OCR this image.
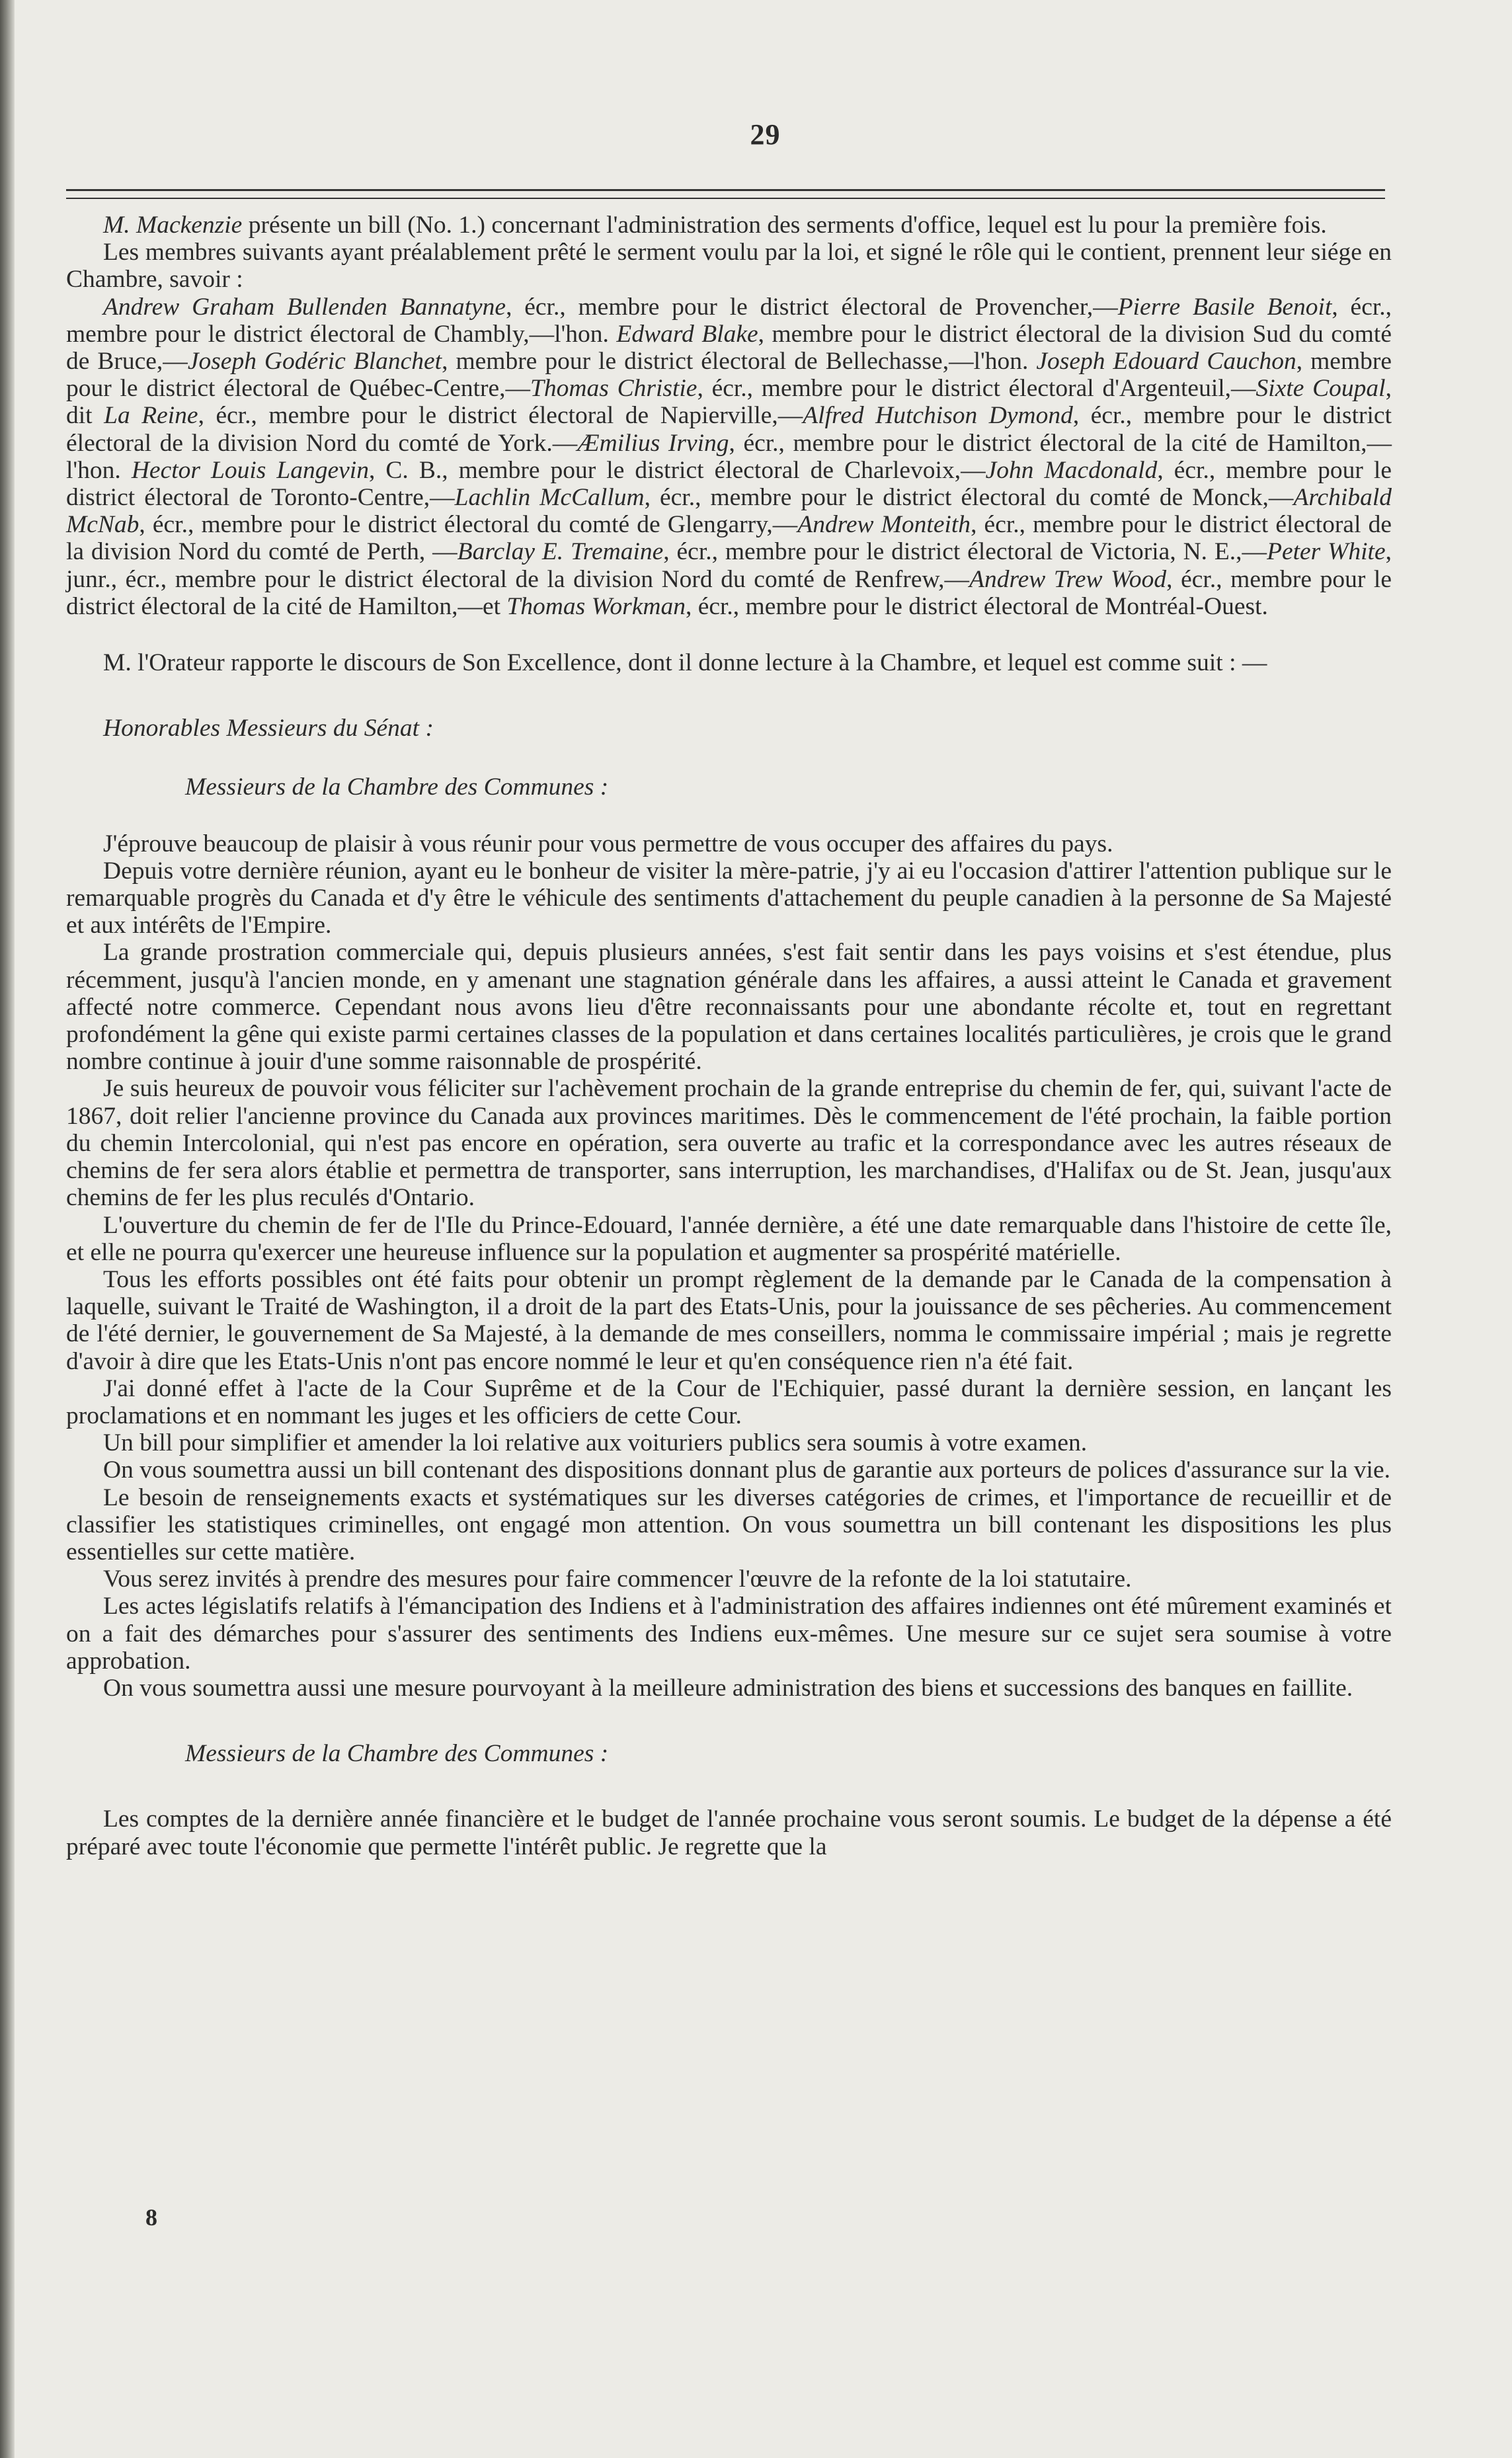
29

M. Mackenzie présente un bill (No. 1.) concernant l'administration des serments d'office, lequel est lu pour la première fois.

Les membres suivants ayant préalablement prêté le serment voulu par la loi, et signé le rôle qui le contient, prennent leur siége en Chambre, savoir :

Andrew Graham Bullenden Bannatyne, écr., membre pour le district électoral de Provencher,—Pierre Basile Benoit, écr., membre pour le district électoral de Chambly,—l'hon. Edward Blake, membre pour le district électoral de la division Sud du comté de Bruce,—Joseph Godéric Blanchet, membre pour le district électoral de Bellechasse,—l'hon. Joseph Edouard Cauchon, membre pour le district électoral de Québec-Centre,—Thomas Christie, écr., membre pour le district électoral d'Argenteuil,—Sixte Coupal, dit La Reine, écr., membre pour le district électoral de Napierville,—Alfred Hutchison Dymond, écr., membre pour le district électoral de la division Nord du comté de York.—Æmilius Irving, écr., membre pour le district électoral de la cité de Hamilton,—l'hon. Hector Louis Langevin, C. B., membre pour le district électoral de Charlevoix,—John Macdonald, écr., membre pour le district électoral de Toronto-Centre,—Lachlin McCallum, écr., membre pour le district électoral du comté de Monck,—Archibald McNab, écr., membre pour le district électoral du comté de Glengarry,—Andrew Monteith, écr., membre pour le district électoral de la division Nord du comté de Perth, —Barclay E. Tremaine, écr., membre pour le district électoral de Victoria, N. E.,—Peter White, junr., écr., membre pour le district électoral de la division Nord du comté de Renfrew,—Andrew Trew Wood, écr., membre pour le district électoral de la cité de Hamilton,—et Thomas Workman, écr., membre pour le district électoral de Montréal-Ouest.

M. l'Orateur rapporte le discours de Son Excellence, dont il donne lecture à la Chambre, et lequel est comme suit : —

Honorables Messieurs du Sénat :

Messieurs de la Chambre des Communes :

J'éprouve beaucoup de plaisir à vous réunir pour vous permettre de vous occuper des affaires du pays.

Depuis votre dernière réunion, ayant eu le bonheur de visiter la mère-patrie, j'y ai eu l'occasion d'attirer l'attention publique sur le remarquable progrès du Canada et d'y être le véhicule des sentiments d'attachement du peuple canadien à la personne de Sa Majesté et aux intérêts de l'Empire.

La grande prostration commerciale qui, depuis plusieurs années, s'est fait sentir dans les pays voisins et s'est étendue, plus récemment, jusqu'à l'ancien monde, en y amenant une stagnation générale dans les affaires, a aussi atteint le Canada et gravement affecté notre commerce. Cependant nous avons lieu d'être reconnaissants pour une abondante récolte et, tout en regrettant profondément la gêne qui existe parmi certaines classes de la population et dans certaines localités particulières, je crois que le grand nombre continue à jouir d'une somme raisonnable de prospérité.

Je suis heureux de pouvoir vous féliciter sur l'achèvement prochain de la grande entreprise du chemin de fer, qui, suivant l'acte de 1867, doit relier l'ancienne province du Canada aux provinces maritimes. Dès le commencement de l'été prochain, la faible portion du chemin Intercolonial, qui n'est pas encore en opération, sera ouverte au trafic et la correspondance avec les autres réseaux de chemins de fer sera alors établie et permettra de transporter, sans interruption, les marchandises, d'Halifax ou de St. Jean, jusqu'aux chemins de fer les plus reculés d'Ontario.

L'ouverture du chemin de fer de l'Ile du Prince-Edouard, l'année dernière, a été une date remarquable dans l'histoire de cette île, et elle ne pourra qu'exercer une heureuse influence sur la population et augmenter sa prospérité matérielle.

Tous les efforts possibles ont été faits pour obtenir un prompt règlement de la demande par le Canada de la compensation à laquelle, suivant le Traité de Washington, il a droit de la part des Etats-Unis, pour la jouissance de ses pêcheries. Au commencement de l'été dernier, le gouvernement de Sa Majesté, à la demande de mes conseillers, nomma le commissaire impérial ; mais je regrette d'avoir à dire que les Etats-Unis n'ont pas encore nommé le leur et qu'en conséquence rien n'a été fait.

J'ai donné effet à l'acte de la Cour Suprême et de la Cour de l'Echiquier, passé durant la dernière session, en lançant les proclamations et en nommant les juges et les officiers de cette Cour.

Un bill pour simplifier et amender la loi relative aux voituriers publics sera soumis à votre examen.

On vous soumettra aussi un bill contenant des dispositions donnant plus de garantie aux porteurs de polices d'assurance sur la vie.

Le besoin de renseignements exacts et systématiques sur les diverses catégories de crimes, et l'importance de recueillir et de classifier les statistiques criminelles, ont engagé mon attention. On vous soumettra un bill contenant les dispositions les plus essentielles sur cette matière.

Vous serez invités à prendre des mesures pour faire commencer l'œuvre de la refonte de la loi statutaire.

Les actes législatifs relatifs à l'émancipation des Indiens et à l'administration des affaires indiennes ont été mûrement examinés et on a fait des démarches pour s'assurer des sentiments des Indiens eux-mêmes. Une mesure sur ce sujet sera soumise à votre approbation.

On vous soumettra aussi une mesure pourvoyant à la meilleure administration des biens et successions des banques en faillite.

Messieurs de la Chambre des Communes :

Les comptes de la dernière année financière et le budget de l'année prochaine vous seront soumis. Le budget de la dépense a été préparé avec toute l'économie que permette l'intérêt public. Je regrette que la

8
